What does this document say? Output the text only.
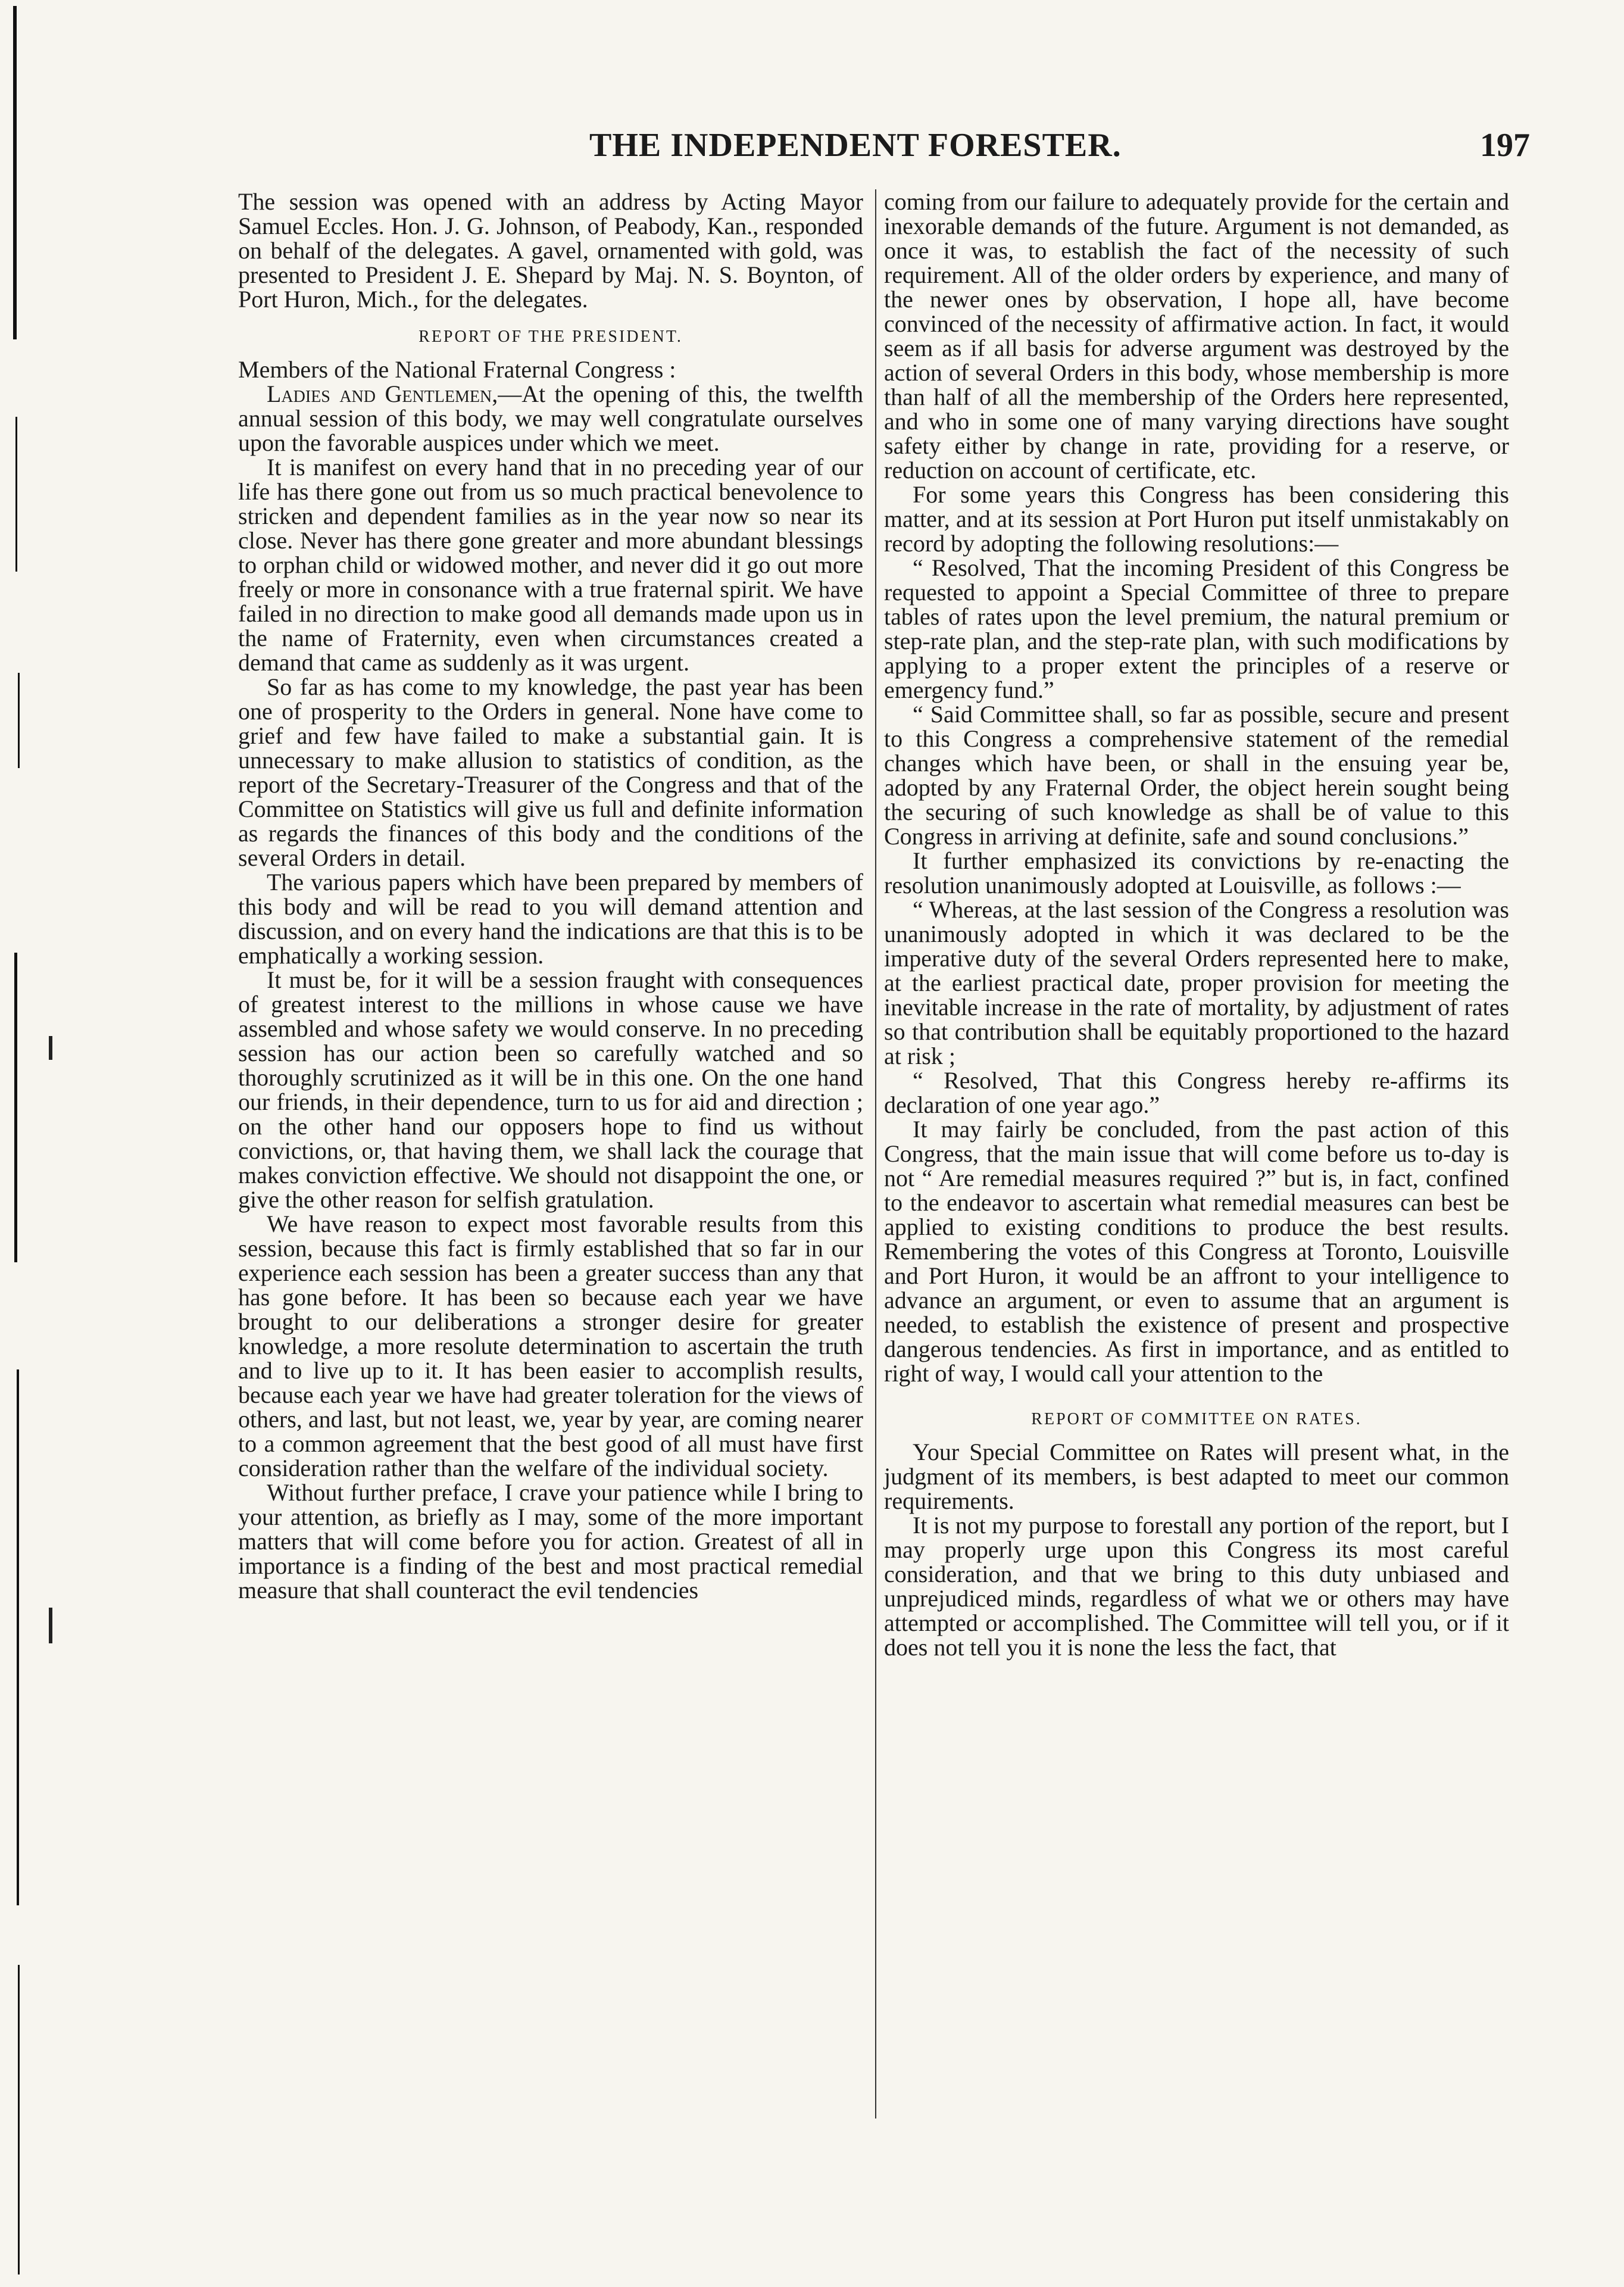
THE INDEPENDENT FORESTER.	197

The session was opened with an address by Acting Mayor Samuel Eccles. Hon. J. G. Johnson, of Peabody, Kan., responded on behalf of the delegates. A gavel, ornamented with gold, was presented to President J. E. Shepard by Maj. N. S. Boynton, of Port Huron, Mich., for the delegates.

REPORT OF THE PRESIDENT.

Members of the National Fraternal Congress :

Ladies and Gentlemen,—At the opening of this, the twelfth annual session of this body, we may well congratulate ourselves upon the favorable auspices under which we meet.

It is manifest on every hand that in no preceding year of our life has there gone out from us so much practical benevolence to stricken and dependent families as in the year now so near its close. Never has there gone greater and more abundant blessings to orphan child or widowed mother, and never did it go out more freely or more in consonance with a true fraternal spirit. We have failed in no direction to make good all demands made upon us in the name of Fraternity, even when circumstances created a demand that came as suddenly as it was urgent.

So far as has come to my knowledge, the past year has been one of prosperity to the Orders in general. None have come to grief and few have failed to make a substantial gain. It is unnecessary to make allusion to statistics of condition, as the report of the Secretary-Treasurer of the Congress and that of the Committee on Statistics will give us full and definite information as regards the finances of this body and the conditions of the several Orders in detail.

The various papers which have been prepared by members of this body and will be read to you will demand attention and discussion, and on every hand the indications are that this is to be emphatically a working session.

It must be, for it will be a session fraught with consequences of greatest interest to the millions in whose cause we have assembled and whose safety we would conserve. In no preceding session has our action been so carefully watched and so thoroughly scrutinized as it will be in this one. On the one hand our friends, in their dependence, turn to us for aid and direction ; on the other hand our opposers hope to find us without convictions, or, that having them, we shall lack the courage that makes conviction effective. We should not disappoint the one, or give the other reason for selfish gratulation.

We have reason to expect most favorable results from this session, because this fact is firmly established that so far in our experience each session has been a greater success than any that has gone before. It has been so because each year we have brought to our deliberations a stronger desire for greater knowledge, a more resolute determination to ascertain the truth and to live up to it. It has been easier to accomplish results, because each year we have had greater toleration for the views of others, and last, but not least, we, year by year, are coming nearer to a common agreement that the best good of all must have first consideration rather than the welfare of the individual society.

Without further preface, I crave your patience while I bring to your attention, as briefly as I may, some of the more important matters that will come before you for action. Greatest of all in importance is a finding of the best and most practical remedial measure that shall counteract the evil tendencies

coming from our failure to adequately provide for the certain and inexorable demands of the future. Argument is not demanded, as once it was, to establish the fact of the necessity of such requirement. All of the older orders by experience, and many of the newer ones by observation, I hope all, have become convinced of the necessity of affirmative action. In fact, it would seem as if all basis for adverse argument was destroyed by the action of several Orders in this body, whose membership is more than half of all the membership of the Orders here represented, and who in some one of many varying directions have sought safety either by change in rate, providing for a reserve, or reduction on account of certificate, etc.

For some years this Congress has been considering this matter, and at its session at Port Huron put itself unmistakably on record by adopting the following resolutions:—

“ Resolved, That the incoming President of this Congress be requested to appoint a Special Committee of three to prepare tables of rates upon the level premium, the natural premium or step-rate plan, and the step-rate plan, with such modifications by applying to a proper extent the principles of a reserve or emergency fund.”

“ Said Committee shall, so far as possible, secure and present to this Congress a comprehensive statement of the remedial changes which have been, or shall in the ensuing year be, adopted by any Fraternal Order, the object herein sought being the securing of such knowledge as shall be of value to this Congress in arriving at definite, safe and sound conclusions.”

It further emphasized its convictions by re-enacting the resolution unanimously adopted at Louisville, as follows :—

“ Whereas, at the last session of the Congress a resolution was unanimously adopted in which it was declared to be the imperative duty of the several Orders represented here to make, at the earliest practical date, proper provision for meeting the inevitable increase in the rate of mortality, by adjustment of rates so that contribution shall be equitably proportioned to the hazard at risk ;

“ Resolved, That this Congress hereby re-affirms its declaration of one year ago.”

It may fairly be concluded, from the past action of this Congress, that the main issue that will come before us to-day is not “ Are remedial measures required ?” but is, in fact, confined to the endeavor to ascertain what remedial measures can best be applied to existing conditions to produce the best results. Remembering the votes of this Congress at Toronto, Louisville and Port Huron, it would be an affront to your intelligence to advance an argument, or even to assume that an argument is needed, to establish the existence of present and prospective dangerous tendencies. As first in importance, and as entitled to right of way, I would call your attention to the

REPORT OF COMMITTEE ON RATES.

Your Special Committee on Rates will present what, in the judgment of its members, is best adapted to meet our common requirements.

It is not my purpose to forestall any portion of the report, but I may properly urge upon this Congress its most careful consideration, and that we bring to this duty unbiased and unprejudiced minds, regardless of what we or others may have attempted or accomplished. The Committee will tell you, or if it does not tell you it is none the less the fact, that
